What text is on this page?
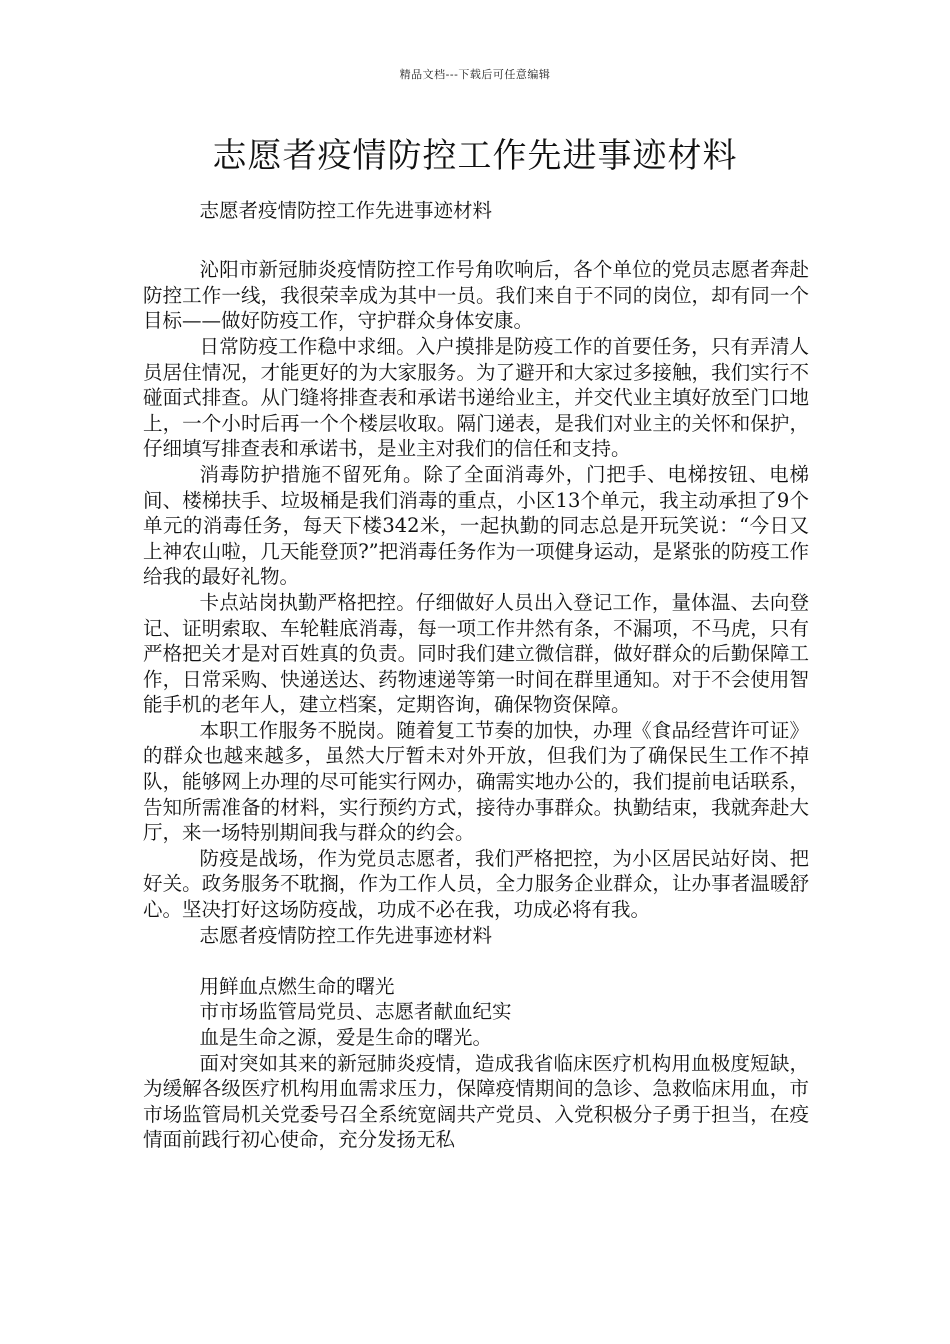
精品文档---下载后可任意编辑
志愿者疫情防控工作先进事迹材料

志愿者疫情防控工作先进事迹材料

沁阳市新冠肺炎疫情防控工作号角吹响后，各个单位的党员志愿者奔赴防控工作一线，我很荣幸成为其中一员。我们来自于不同的岗位，却有同一个目标——做好防疫工作，守护群众身体安康。

日常防疫工作稳中求细。入户摸排是防疫工作的首要任务，只有弄清人员居住情况，才能更好的为大家服务。为了避开和大家过多接触，我们实行不碰面式排查。从门缝将排查表和承诺书递给业主，并交代业主填好放至门口地上，一个小时后再一个个楼层收取。隔门递表，是我们对业主的关怀和保护，仔细填写排查表和承诺书，是业主对我们的信任和支持。

消毒防护措施不留死角。除了全面消毒外，门把手、电梯按钮、电梯间、楼梯扶手、垃圾桶是我们消毒的重点，小区13个单元，我主动承担了9个单元的消毒任务，每天下楼342米，一起执勤的同志总是开玩笑说：“今日又上神农山啦，几天能登顶?”把消毒任务作为一项健身运动，是紧张的防疫工作给我的最好礼物。

卡点站岗执勤严格把控。仔细做好人员出入登记工作，量体温、去向登记、证明索取、车轮鞋底消毒，每一项工作井然有条，不漏项，不马虎，只有严格把关才是对百姓真的负责。同时我们建立微信群，做好群众的后勤保障工作，日常采购、快递送达、药物速递等第一时间在群里通知。对于不会使用智能手机的老年人，建立档案，定期咨询，确保物资保障。

本职工作服务不脱岗。随着复工节奏的加快，办理《食品经营许可证》的群众也越来越多，虽然大厅暂未对外开放，但我们为了确保民生工作不掉队，能够网上办理的尽可能实行网办，确需实地办公的，我们提前电话联系，告知所需准备的材料，实行预约方式，接待办事群众。执勤结束，我就奔赴大厅，来一场特别期间我与群众的约会。

防疫是战场，作为党员志愿者，我们严格把控，为小区居民站好岗、把好关。政务服务不耽搁，作为工作人员，全力服务企业群众，让办事者温暖舒心。坚决打好这场防疫战，功成不必在我，功成必将有我。

志愿者疫情防控工作先进事迹材料

用鲜血点燃生命的曙光

市市场监管局党员、志愿者献血纪实

血是生命之源，爱是生命的曙光。

面对突如其来的新冠肺炎疫情，造成我省临床医疗机构用血极度短缺，为缓解各级医疗机构用血需求压力，保障疫情期间的急诊、急救临床用血，市市场监管局机关党委号召全系统宽阔共产党员、入党积极分子勇于担当，在疫情面前践行初心使命，充分发扬无私
